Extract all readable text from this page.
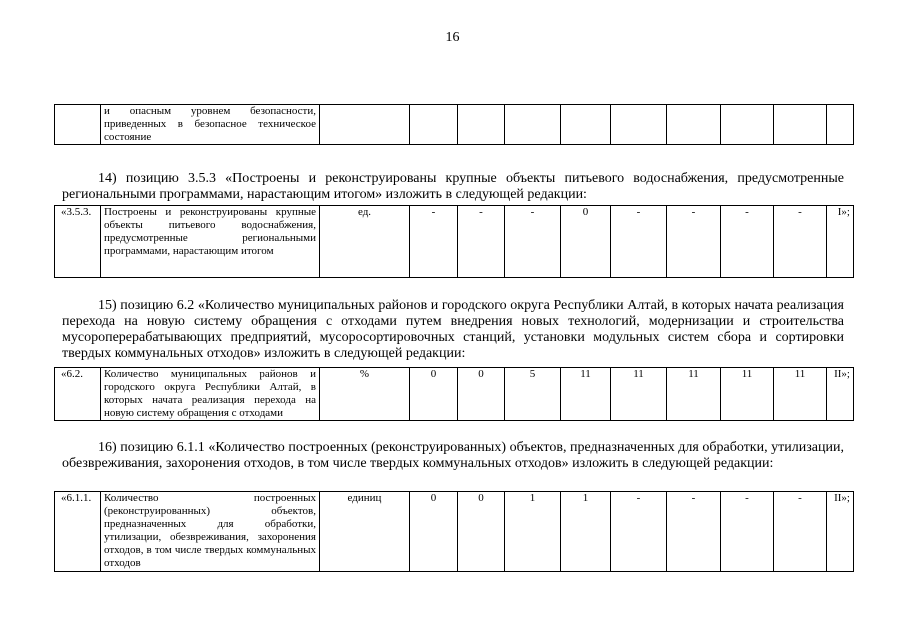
16
	и опасным уровнем безопасности, приведенных в безопасное техническое состояние										
14) позицию 3.5.3 «Построены и реконструированы крупные объекты питьевого водоснабжения, предусмотренные региональными программами, нарастающим итогом» изложить в следующей редакции:
«3.5.3.	Построены и реконструированы крупные объекты питьевого водоснабжения, предусмотренные региональными программами, нарастающим итогом	ед.	-	-	-	0	-	-	-	-	I»;
15) позицию 6.2 «Количество муниципальных районов и городского округа Республики Алтай, в которых начата реализация перехода на новую систему обращения с отходами путем внедрения новых технологий, модернизации и строительства мусороперерабатывающих предприятий, мусоросортировочных станций, установки модульных систем сбора и сортировки твердых коммунальных отходов» изложить в следующей редакции:
«6.2.	Количество муниципальных районов и городского округа Республики Алтай, в которых начата реализация перехода на новую систему обращения с отходами	%	0	0	5	11	11	11	11	11	II»;
16) позицию 6.1.1 «Количество построенных (реконструированных) объектов, предназначенных для обработки, утилизации, обезвреживания, захоронения отходов, в том числе твердых коммунальных отходов» изложить в следующей редакции:
«6.1.1.	Количество построенных (реконструированных) объектов, предназначенных для обработки, утилизации, обезвреживания, захоронения отходов, в том числе твердых коммунальных отходов	единиц	0	0	1	1	-	-	-	-	II»;
